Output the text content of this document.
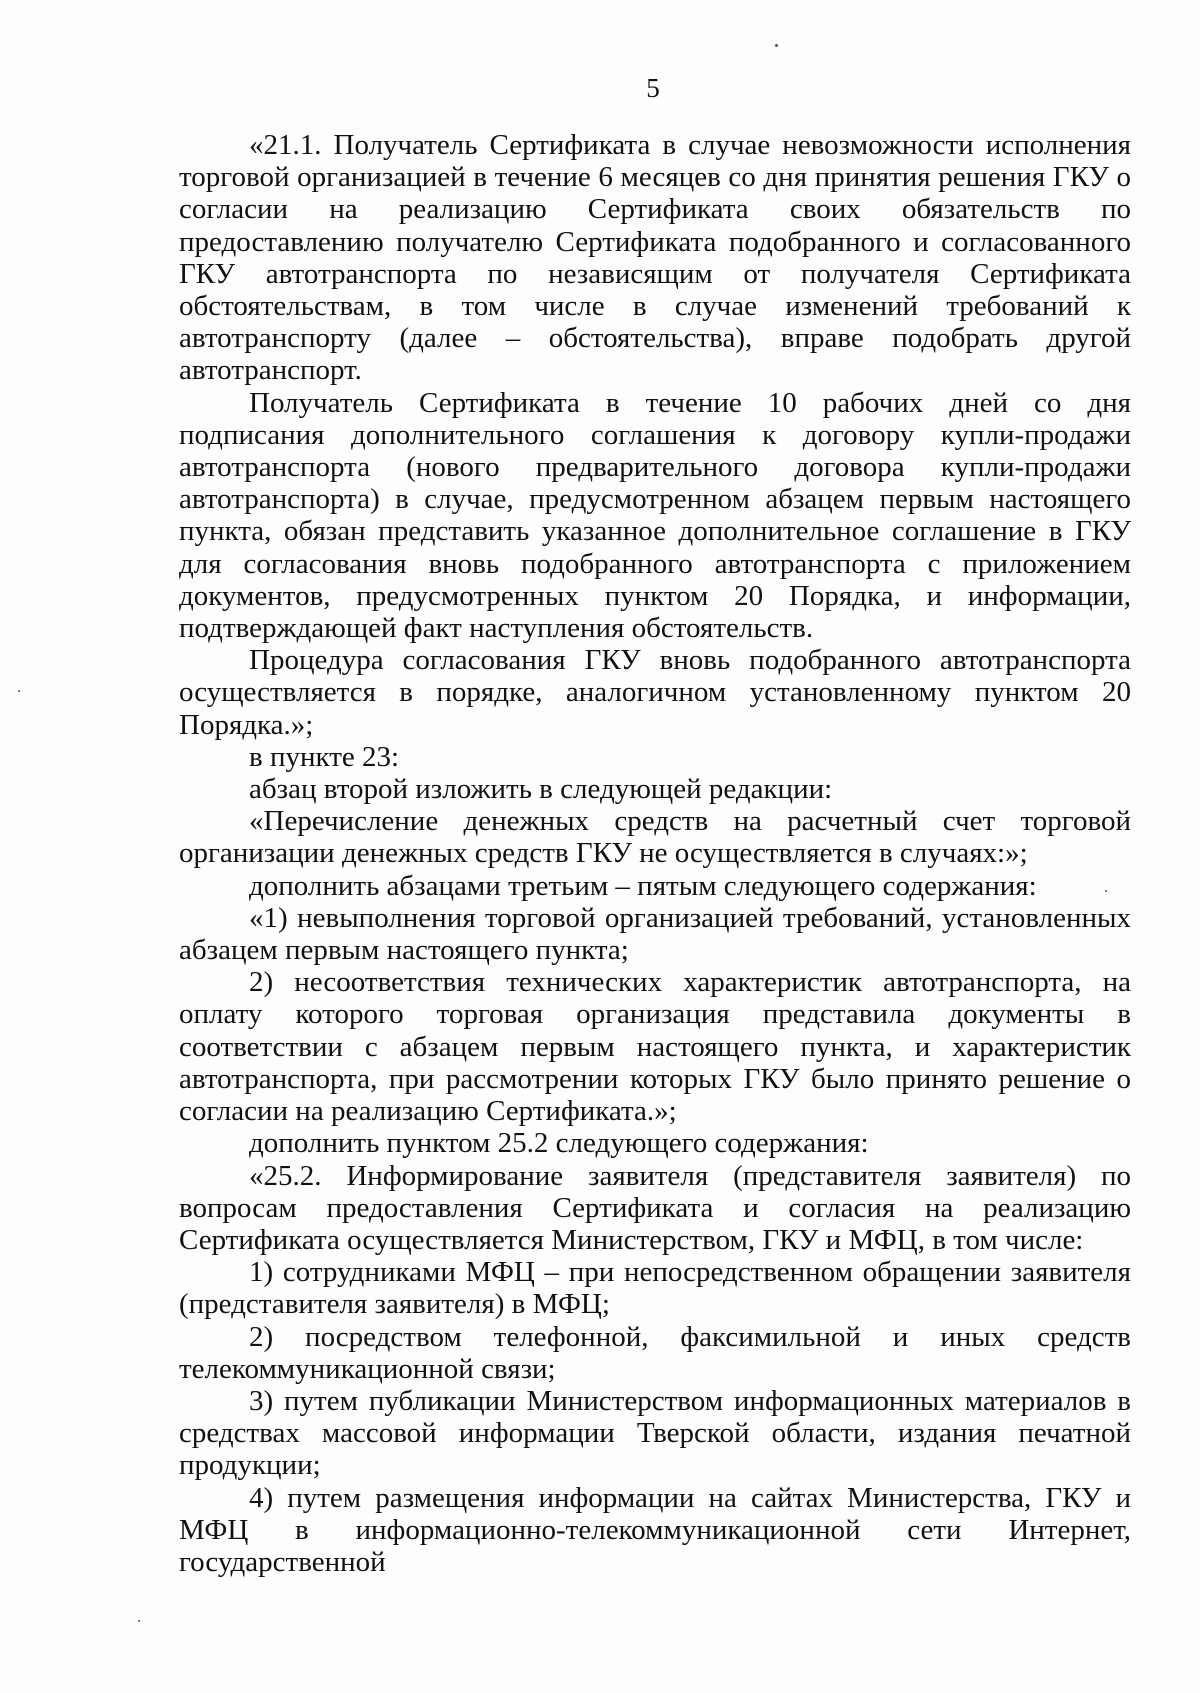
5

«21.1. Получатель Сертификата в случае невозможности исполнения торговой организацией в течение 6 месяцев со дня принятия решения ГКУ о согласии на реализацию Сертификата своих обязательств по предоставлению получателю Сертификата подобранного и согласованного ГКУ автотранспорта по независящим от получателя Сертификата обстоятельствам, в том числе в случае изменений требований к автотранспорту (далее – обстоятельства), вправе подобрать другой автотранспорт.

Получатель Сертификата в течение 10 рабочих дней со дня подписания дополнительного соглашения к договору купли-продажи автотранспорта (нового предварительного договора купли-продажи автотранспорта) в случае, предусмотренном абзацем первым настоящего пункта, обязан представить указанное дополнительное соглашение в ГКУ для согласования вновь подобранного автотранспорта с приложением документов, предусмотренных пунктом 20 Порядка, и информации, подтверждающей факт наступления обстоятельств.

Процедура согласования ГКУ вновь подобранного автотранспорта осуществляется в порядке, аналогичном установленному пунктом 20 Порядка.»;

в пункте 23:

абзац второй изложить в следующей редакции:

«Перечисление денежных средств на расчетный счет торговой организации денежных средств ГКУ не осуществляется в случаях:»;

дополнить абзацами третьим – пятым следующего содержания:

«1) невыполнения торговой организацией требований, установленных абзацем первым настоящего пункта;

2) несоответствия технических характеристик автотранспорта, на оплату которого торговая организация представила документы в соответствии с абзацем первым настоящего пункта, и характеристик автотранспорта, при рассмотрении которых ГКУ было принято решение о согласии на реализацию Сертификата.»;

дополнить пунктом 25.2 следующего содержания:

«25.2. Информирование заявителя (представителя заявителя) по вопросам предоставления Сертификата и согласия на реализацию Сертификата осуществляется Министерством, ГКУ и МФЦ, в том числе:

1) сотрудниками МФЦ – при непосредственном обращении заявителя (представителя заявителя) в МФЦ;

2) посредством телефонной, факсимильной и иных средств телекоммуникационной связи;

3) путем публикации Министерством информационных материалов в средствах массовой информации Тверской области, издания печатной продукции;

4) путем размещения информации на сайтах Министерства, ГКУ и МФЦ в информационно-телекоммуникационной сети Интернет, государственной
